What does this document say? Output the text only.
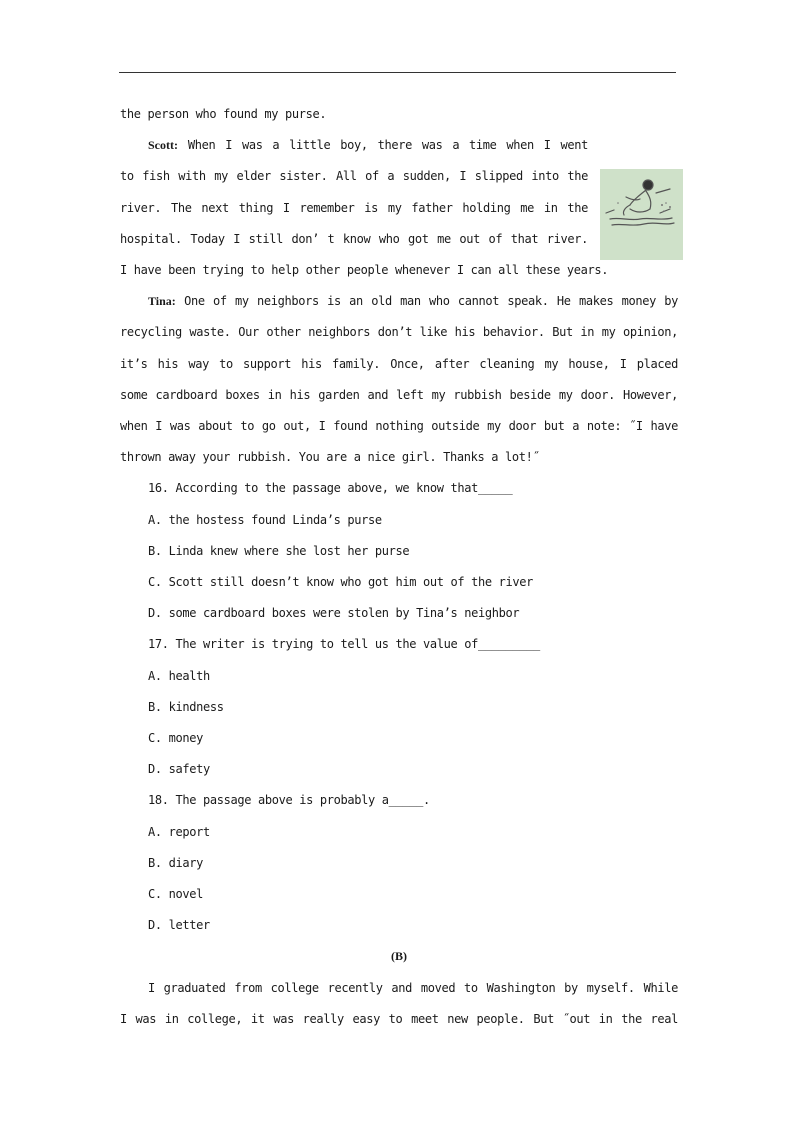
the person who found my purse.

Scott: When I was a little boy, there was a time when I went

to fish with my elder sister. All of a sudden, I slipped into the

river. The next thing I remember is my father holding me in the

hospital. Today I still don’ t know who got me out of that river.

I have been trying to help other people whenever I can all these years.

Tina: One of my neighbors is an old man who cannot speak. He makes money by

recycling waste. Our other neighbors don’t like his behavior. But in my opinion,

it’s his way to support his family. Once, after cleaning my house, I placed

some cardboard boxes in his garden and left my rubbish beside my door. However,

when I was about to go out, I found nothing outside my door but a note: ˝I have

thrown away your rubbish. You are a nice girl. Thanks a lot!˝

16. According to the passage above, we know that_____

A. the hostess found Linda’s purse

B. Linda knew where she lost her purse

C. Scott still doesn’t know who got him out of the river

D. some cardboard boxes were stolen by Tina’s neighbor

17. The writer is trying to tell us the value of_________

A. health

B. kindness

C. money

D. safety

18. The passage above is probably a_____.

A. report

B. diary

C. novel

D. letter

(B)

I graduated from college recently and moved to Washington by myself. While

I was in college, it was really easy to meet new people. But ˝out in the real
